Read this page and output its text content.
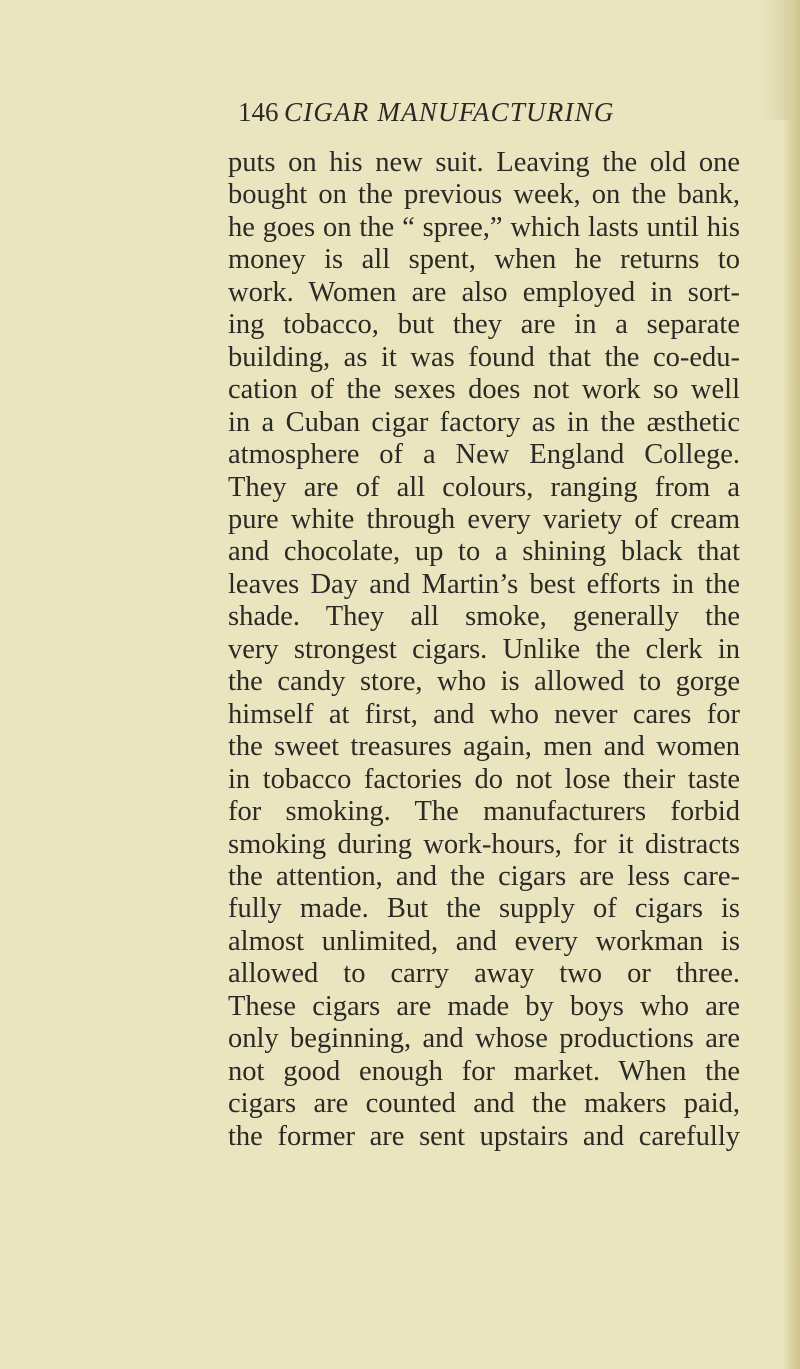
146 CIGAR MANUFACTURING
puts on his new suit. Leaving the old one
bought on the previous week, on the bank,
he goes on the “ spree,” which lasts until his
money is all spent, when he returns to
work. Women are also employed in sort-
ing tobacco, but they are in a separate
building, as it was found that the co-edu-
cation of the sexes does not work so well
in a Cuban cigar factory as in the æsthetic
atmosphere of a New England College.
They are of all colours, ranging from a
pure white through every variety of cream
and chocolate, up to a shining black that
leaves Day and Martin’s best efforts in the
shade. They all smoke, generally the
very strongest cigars. Unlike the clerk in
the candy store, who is allowed to gorge
himself at first, and who never cares for
the sweet treasures again, men and women
in tobacco factories do not lose their taste
for smoking. The manufacturers forbid
smoking during work-hours, for it distracts
the attention, and the cigars are less care-
fully made. But the supply of cigars is
almost unlimited, and every workman is
allowed to carry away two or three.
These cigars are made by boys who are
only beginning, and whose productions are
not good enough for market. When the
cigars are counted and the makers paid,
the former are sent upstairs and carefully
